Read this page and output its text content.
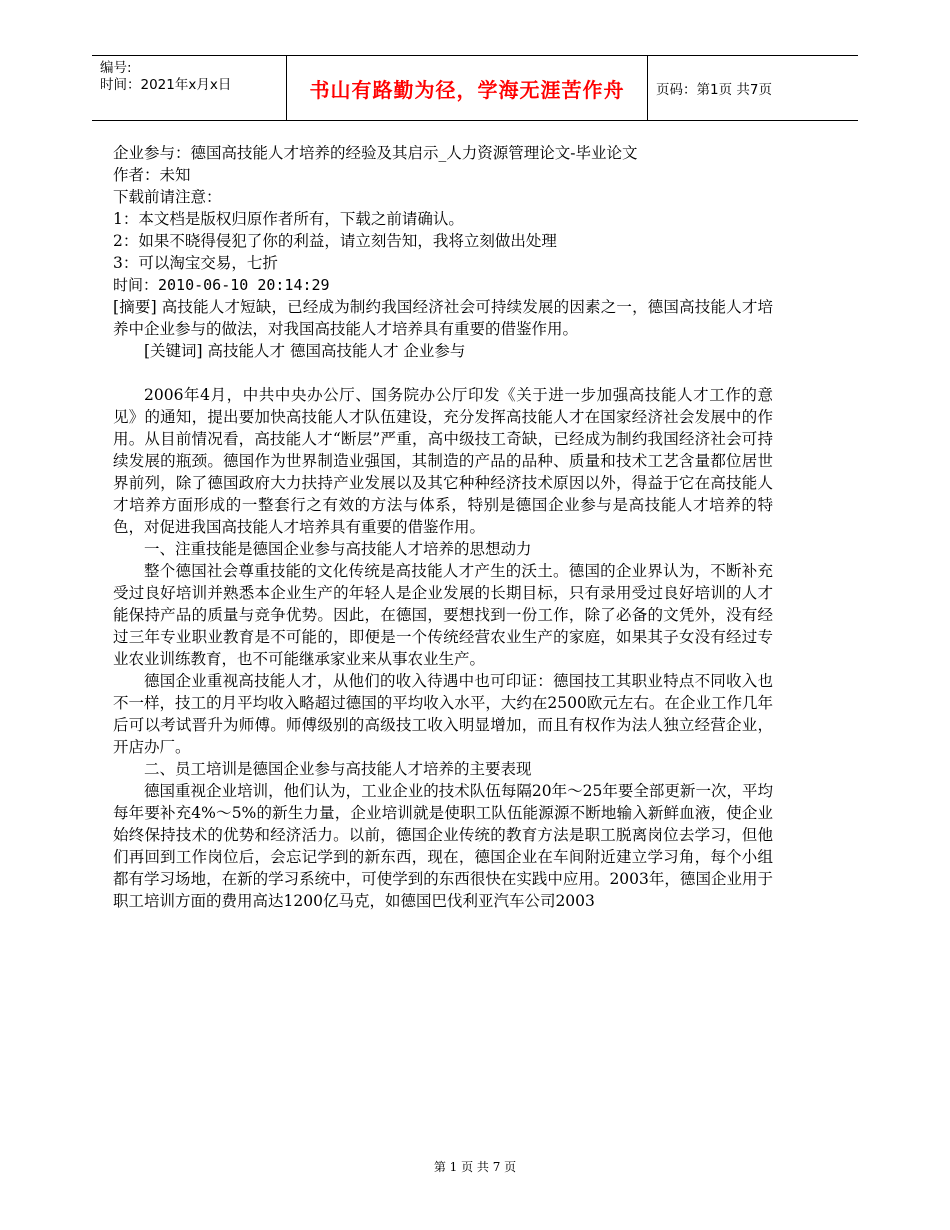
编号:
时间：2021年x月x日	书山有路勤为径，学海无涯苦作舟 页码：第1页 共7页

企业参与：德国高技能人才培养的经验及其启示_人力资源管理论文-毕业论文

作者：未知

下载前请注意：

1：本文档是版权归原作者所有，下载之前请确认。

2：如果不晓得侵犯了你的利益，请立刻告知，我将立刻做出处理

3：可以淘宝交易，七折

时间：2010-06-10 20:14:29

[摘要] 高技能人才短缺，已经成为制约我国经济社会可持续发展的因素之一，德国高技能人才培养中企业参与的做法，对我国高技能人才培养具有重要的借鉴作用。

[关键词] 高技能人才 德国高技能人才 企业参与

2006年4月，中共中央办公厅、国务院办公厅印发《关于进一步加强高技能人才工作的意见》的通知，提出要加快高技能人才队伍建设，充分发挥高技能人才在国家经济社会发展中的作用。从目前情况看，高技能人才“断层”严重，高中级技工奇缺，已经成为制约我国经济社会可持续发展的瓶颈。德国作为世界制造业强国，其制造的产品的品种、质量和技术工艺含量都位居世界前列，除了德国政府大力扶持产业发展以及其它种种经济技术原因以外，得益于它在高技能人才培养方面形成的一整套行之有效的方法与体系，特别是德国企业参与是高技能人才培养的特色，对促进我国高技能人才培养具有重要的借鉴作用。

一、注重技能是德国企业参与高技能人才培养的思想动力

整个德国社会尊重技能的文化传统是高技能人才产生的沃土。德国的企业界认为，不断补充受过良好培训并熟悉本企业生产的年轻人是企业发展的长期目标，只有录用受过良好培训的人才能保持产品的质量与竞争优势。因此，在德国，要想找到一份工作，除了必备的文凭外，没有经过三年专业职业教育是不可能的，即便是一个传统经营农业生产的家庭，如果其子女没有经过专业农业训练教育，也不可能继承家业来从事农业生产。

德国企业重视高技能人才，从他们的收入待遇中也可印证：德国技工其职业特点不同收入也不一样，技工的月平均收入略超过德国的平均收入水平，大约在2500欧元左右。在企业工作几年后可以考试晋升为师傅。师傅级别的高级技工收入明显增加，而且有权作为法人独立经营企业，开店办厂。

二、员工培训是德国企业参与高技能人才培养的主要表现

德国重视企业培训，他们认为，工业企业的技术队伍每隔20年～25年要全部更新一次，平均每年要补充4%～5%的新生力量，企业培训就是使职工队伍能源源不断地输入新鲜血液，使企业始终保持技术的优势和经济活力。以前，德国企业传统的教育方法是职工脱离岗位去学习，但他们再回到工作岗位后，会忘记学到的新东西，现在，德国企业在车间附近建立学习角，每个小组都有学习场地，在新的学习系统中，可使学到的东西很快在实践中应用。2003年，德国企业用于职工培训方面的费用高达1200亿马克，如德国巴伐利亚汽车公司2003

第 1 页 共 7 页
